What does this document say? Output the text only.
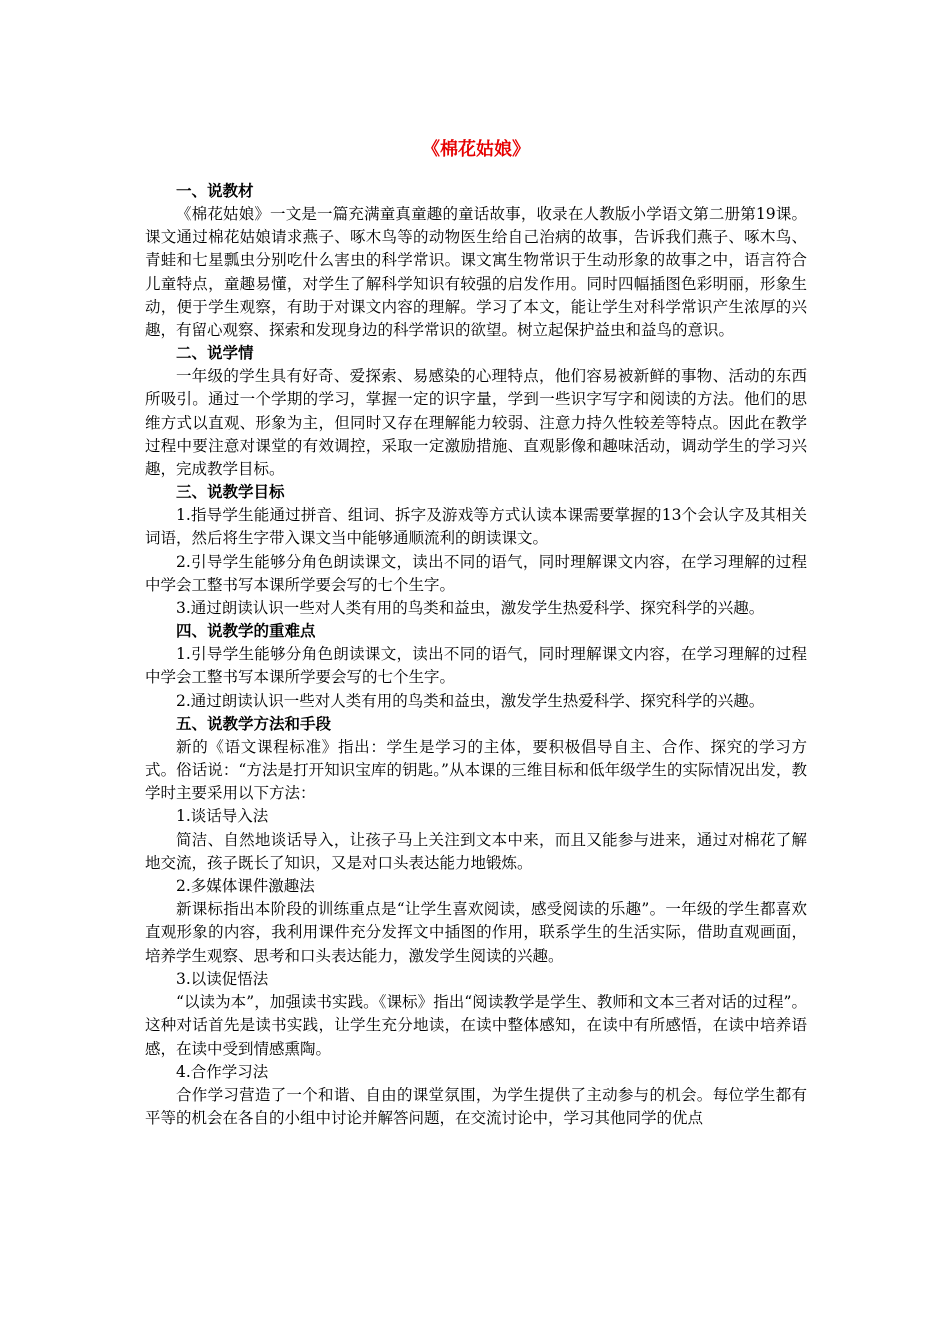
《棉花姑娘》

一、说教材

《棉花姑娘》一文是一篇充满童真童趣的童话故事，收录在人教版小学语文第二册第19课。课文通过棉花姑娘请求燕子、啄木鸟等的动物医生给自己治病的故事，告诉我们燕子、啄木鸟、青蛙和七星瓢虫分别吃什么害虫的科学常识。课文寓生物常识于生动形象的故事之中，语言符合儿童特点，童趣易懂，对学生了解科学知识有较强的启发作用。同时四幅插图色彩明丽，形象生动，便于学生观察，有助于对课文内容的理解。学习了本文，能让学生对科学常识产生浓厚的兴趣，有留心观察、探索和发现身边的科学常识的欲望。树立起保护益虫和益鸟的意识。

二、说学情

一年级的学生具有好奇、爱探索、易感染的心理特点，他们容易被新鲜的事物、活动的东西所吸引。通过一个学期的学习，掌握一定的识字量，学到一些识字写字和阅读的方法。他们的思维方式以直观、形象为主，但同时又存在理解能力较弱、注意力持久性较差等特点。因此在教学过程中要注意对课堂的有效调控，采取一定激励措施、直观影像和趣味活动，调动学生的学习兴趣，完成教学目标。

三、说教学目标

1.指导学生能通过拼音、组词、拆字及游戏等方式认读本课需要掌握的13个会认字及其相关词语，然后将生字带入课文当中能够通顺流利的朗读课文。

2.引导学生能够分角色朗读课文，读出不同的语气，同时理解课文内容，在学习理解的过程中学会工整书写本课所学要会写的七个生字。

3.通过朗读认识一些对人类有用的鸟类和益虫，激发学生热爱科学、探究科学的兴趣。

四、说教学的重难点

1.引导学生能够分角色朗读课文，读出不同的语气，同时理解课文内容，在学习理解的过程中学会工整书写本课所学要会写的七个生字。

2.通过朗读认识一些对人类有用的鸟类和益虫，激发学生热爱科学、探究科学的兴趣。

五、说教学方法和手段

新的《语文课程标准》指出：学生是学习的主体，要积极倡导自主、合作、探究的学习方式。俗话说：“方法是打开知识宝库的钥匙。”从本课的三维目标和低年级学生的实际情况出发，教学时主要采用以下方法：

1.谈话导入法

简洁、自然地谈话导入，让孩子马上关注到文本中来，而且又能参与进来，通过对棉花了解地交流，孩子既长了知识，又是对口头表达能力地锻炼。

2.多媒体课件激趣法

新课标指出本阶段的训练重点是“让学生喜欢阅读，感受阅读的乐趣”。一年级的学生都喜欢直观形象的内容，我利用课件充分发挥文中插图的作用，联系学生的生活实际，借助直观画面，培养学生观察、思考和口头表达能力，激发学生阅读的兴趣。

3.以读促悟法

“以读为本”，加强读书实践。《课标》指出“阅读教学是学生、教师和文本三者对话的过程”。这种对话首先是读书实践，让学生充分地读，在读中整体感知，在读中有所感悟，在读中培养语感，在读中受到情感熏陶。

4.合作学习法

合作学习营造了一个和谐、自由的课堂氛围，为学生提供了主动参与的机会。每位学生都有平等的机会在各自的小组中讨论并解答问题，在交流讨论中，学习其他同学的优点
